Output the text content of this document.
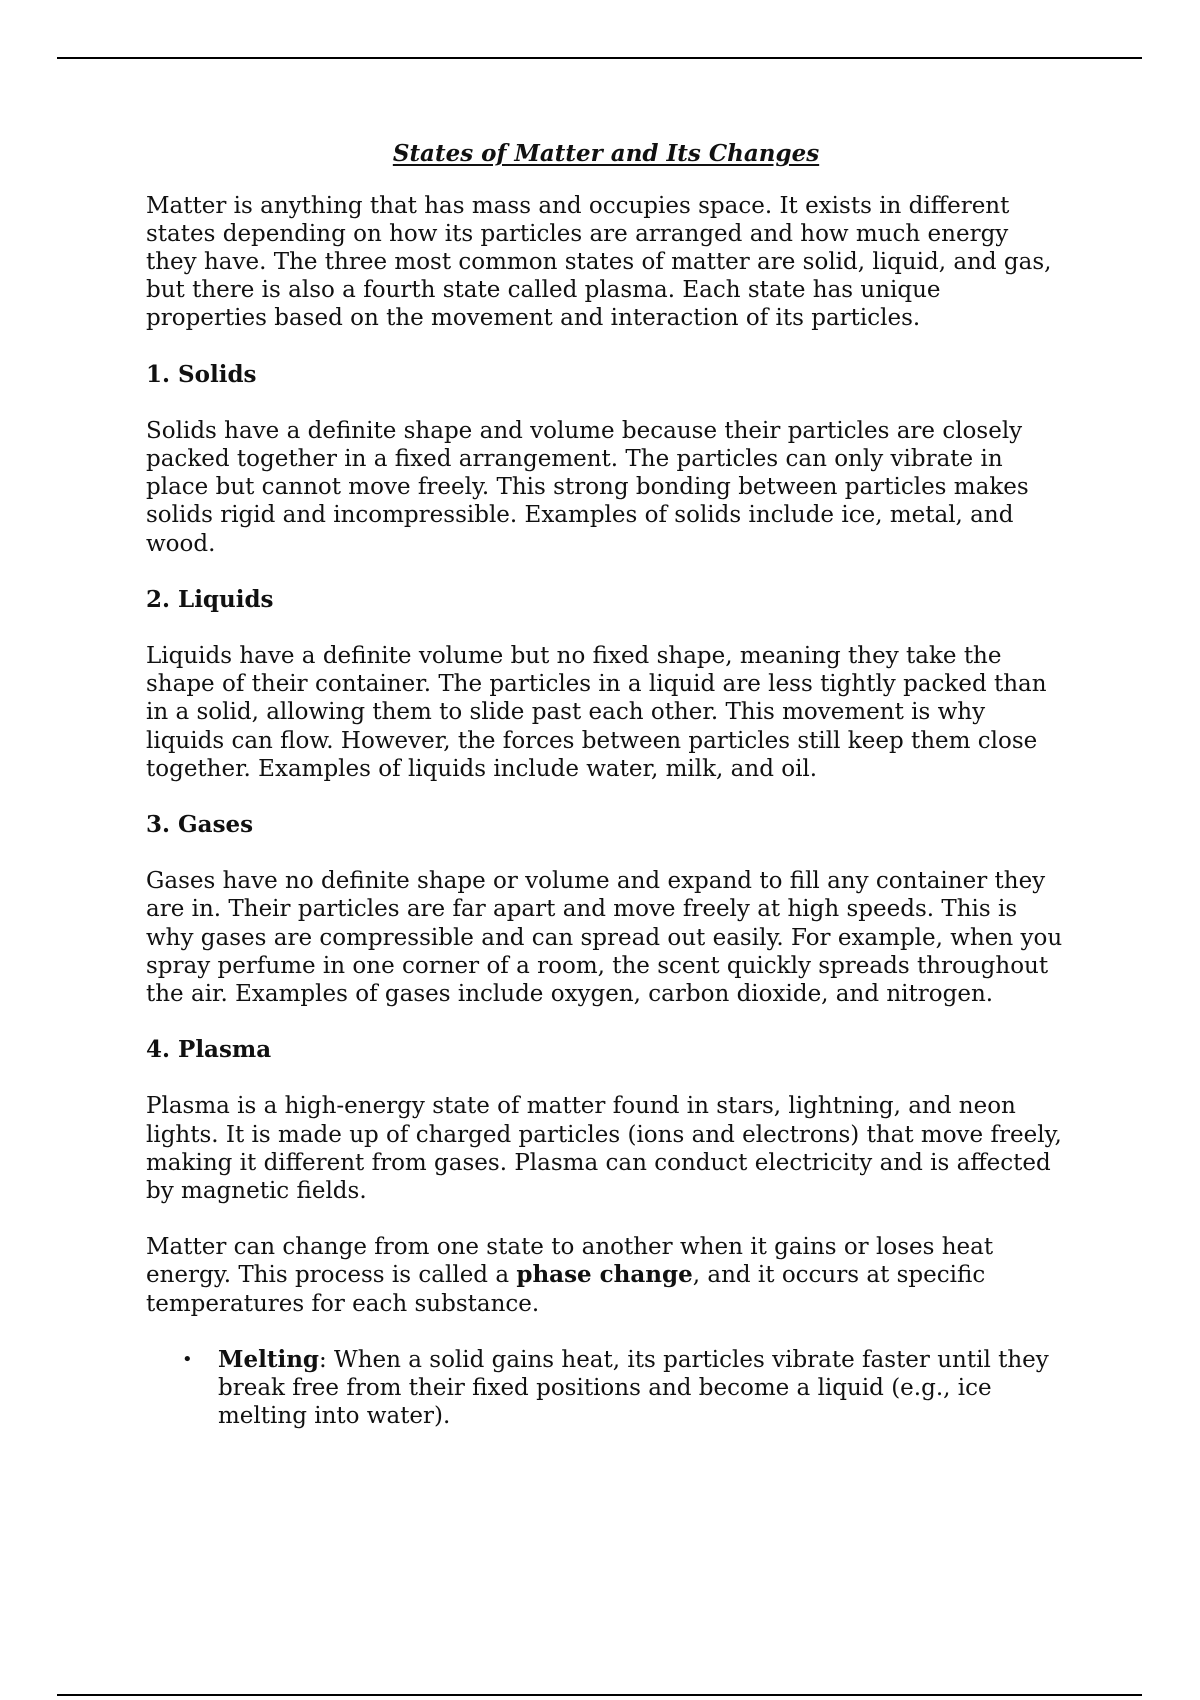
States of Matter and Its Changes

Matter is anything that has mass and occupies space. It exists in different states depending on how its particles are arranged and how much energy they have. The three most common states of matter are solid, liquid, and gas, but there is also a fourth state called plasma. Each state has unique properties based on the movement and interaction of its particles.

1. Solids

Solids have a definite shape and volume because their particles are closely packed together in a fixed arrangement. The particles can only vibrate in place but cannot move freely. This strong bonding between particles makes solids rigid and incompressible. Examples of solids include ice, metal, and wood.

2. Liquids

Liquids have a definite volume but no fixed shape, meaning they take the shape of their container. The particles in a liquid are less tightly packed than in a solid, allowing them to slide past each other. This movement is why liquids can flow. However, the forces between particles still keep them close together. Examples of liquids include water, milk, and oil.

3. Gases

Gases have no definite shape or volume and expand to fill any container they are in. Their particles are far apart and move freely at high speeds. This is why gases are compressible and can spread out easily. For example, when you spray perfume in one corner of a room, the scent quickly spreads throughout the air. Examples of gases include oxygen, carbon dioxide, and nitrogen.

4. Plasma

Plasma is a high-energy state of matter found in stars, lightning, and neon lights. It is made up of charged particles (ions and electrons) that move freely, making it different from gases. Plasma can conduct electricity and is affected by magnetic fields.

Matter can change from one state to another when it gains or loses heat energy. This process is called a phase change, and it occurs at specific temperatures for each substance.

• Melting: When a solid gains heat, its particles vibrate faster until they break free from their fixed positions and become a liquid (e.g., ice melting into water).
